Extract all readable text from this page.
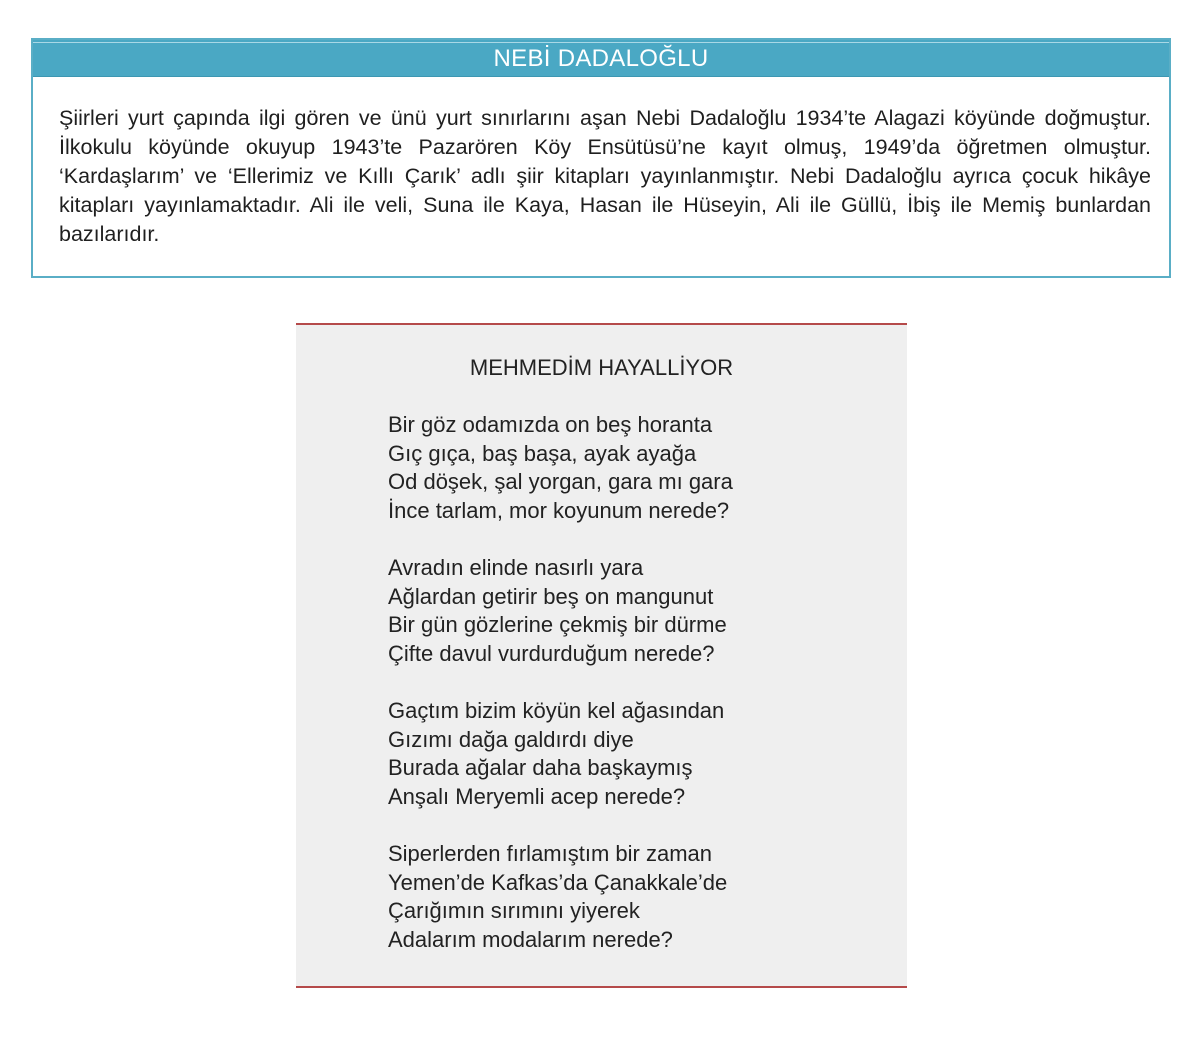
NEBİ DADALOĞLU
Şiirleri yurt çapında ilgi gören ve ünü yurt sınırlarını aşan Nebi Dadaloğlu 1934’te Alagazi köyünde doğmuştur. İlkokulu köyünde okuyup 1943’te Pazarören Köy Ensütüsü’ne kayıt olmuş, 1949’da öğretmen olmuştur. ‘Kardaşlarım’ ve ‘Ellerimiz ve Kıllı Çarık’ adlı şiir kitapları yayınlanmıştır. Nebi Dadaloğlu ayrıca çocuk hikâye kitapları yayınlamaktadır. Ali ile veli, Suna ile Kaya, Hasan ile Hüseyin, Ali ile Güllü, İbiş ile Memiş bunlardan bazılarıdır.
MEHMEDİM HAYALLİYOR
Bir göz odamızda on beş horanta
Gıç gıça, baş başa, ayak ayağa
Od döşek, şal yorgan, gara mı gara
İnce tarlam, mor koyunum nerede?
Avradın elinde nasırlı yara
Ağlardan getirir beş on mangunut
Bir gün gözlerine çekmiş bir dürme
Çifte davul vurdurduğum nerede?
Gaçtım bizim köyün kel ağasından
Gızımı dağa galdırdı diye
Burada ağalar daha başkaymış
Anşalı Meryemli acep nerede?
Siperlerden fırlamıştım bir zaman
Yemen’de Kafkas’da Çanakkale’de
Çarığımın sırımını yiyerek
Adalarım modalarım nerede?
